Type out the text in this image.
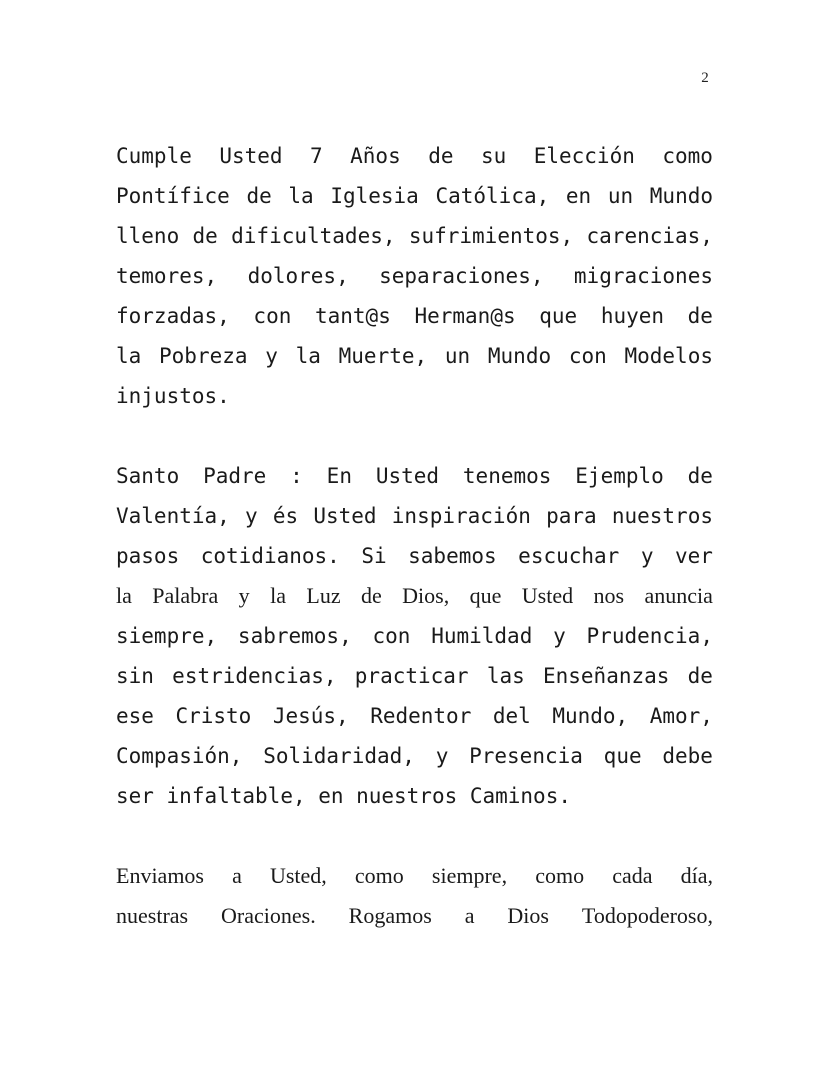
2
Cumple Usted 7 Años de su Elección como
Pontífice de la Iglesia Católica, en un Mundo
lleno de dificultades, sufrimientos, carencias,
temores, dolores, separaciones, migraciones
forzadas, con tant@s Herman@s que huyen de
la Pobreza y la Muerte, un Mundo con Modelos
injustos.
Santo Padre : En Usted tenemos Ejemplo de
Valentía, y és Usted inspiración para nuestros
pasos cotidianos. Si sabemos escuchar y ver
la Palabra y la Luz de Dios, que Usted nos anuncia
siempre, sabremos, con Humildad y Prudencia,
sin estridencias, practicar las Enseñanzas de
ese Cristo Jesús, Redentor del Mundo, Amor,
Compasión, Solidaridad, y Presencia que debe
ser infaltable, en nuestros Caminos.
Enviamos a Usted, como siempre, como cada día,
nuestras Oraciones. Rogamos a Dios Todopoderoso,
